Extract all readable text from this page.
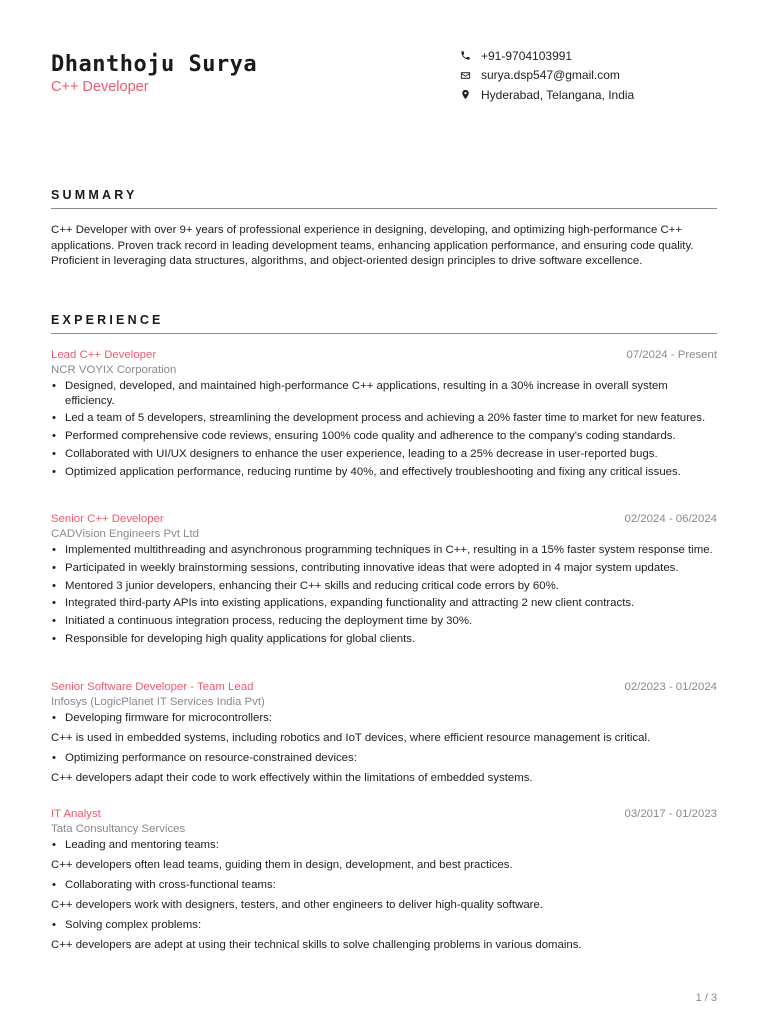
Dhanthoju Surya
C++ Developer
+91-9704103991
surya.dsp547@gmail.com
Hyderabad, Telangana, India
SUMMARY
C++ Developer with over 9+ years of professional experience in designing, developing, and optimizing high-performance C++ applications. Proven track record in leading development teams, enhancing application performance, and ensuring code quality. Proficient in leveraging data structures, algorithms, and object-oriented design principles to drive software excellence.
EXPERIENCE
Lead C++ Developer	07/2024 - Present
NCR VOYIX Corporation
• Designed, developed, and maintained high-performance C++ applications, resulting in a 30% increase in overall system efficiency.
• Led a team of 5 developers, streamlining the development process and achieving a 20% faster time to market for new features.
• Performed comprehensive code reviews, ensuring 100% code quality and adherence to the company's coding standards.
• Collaborated with UI/UX designers to enhance the user experience, leading to a 25% decrease in user-reported bugs.
• Optimized application performance, reducing runtime by 40%, and effectively troubleshooting and fixing any critical issues.
Senior C++ Developer	02/2024 - 06/2024
CADVision Engineers Pvt Ltd
• Implemented multithreading and asynchronous programming techniques in C++, resulting in a 15% faster system response time.
• Participated in weekly brainstorming sessions, contributing innovative ideas that were adopted in 4 major system updates.
• Mentored 3 junior developers, enhancing their C++ skills and reducing critical code errors by 60%.
• Integrated third-party APIs into existing applications, expanding functionality and attracting 2 new client contracts.
• Initiated a continuous integration process, reducing the deployment time by 30%.
• Responsible for developing high quality applications for global clients.
Senior Software Developer - Team Lead	02/2023 - 01/2024
Infosys (LogicPlanet IT Services India Pvt)
• Developing firmware for microcontrollers:
C++ is used in embedded systems, including robotics and IoT devices, where efficient resource management is critical.
• Optimizing performance on resource-constrained devices:
C++ developers adapt their code to work effectively within the limitations of embedded systems.
IT Analyst	03/2017 - 01/2023
Tata Consultancy Services
• Leading and mentoring teams:
C++ developers often lead teams, guiding them in design, development, and best practices.
• Collaborating with cross-functional teams:
C++ developers work with designers, testers, and other engineers to deliver high-quality software.
• Solving complex problems:
C++ developers are adept at using their technical skills to solve challenging problems in various domains.
1 / 3
